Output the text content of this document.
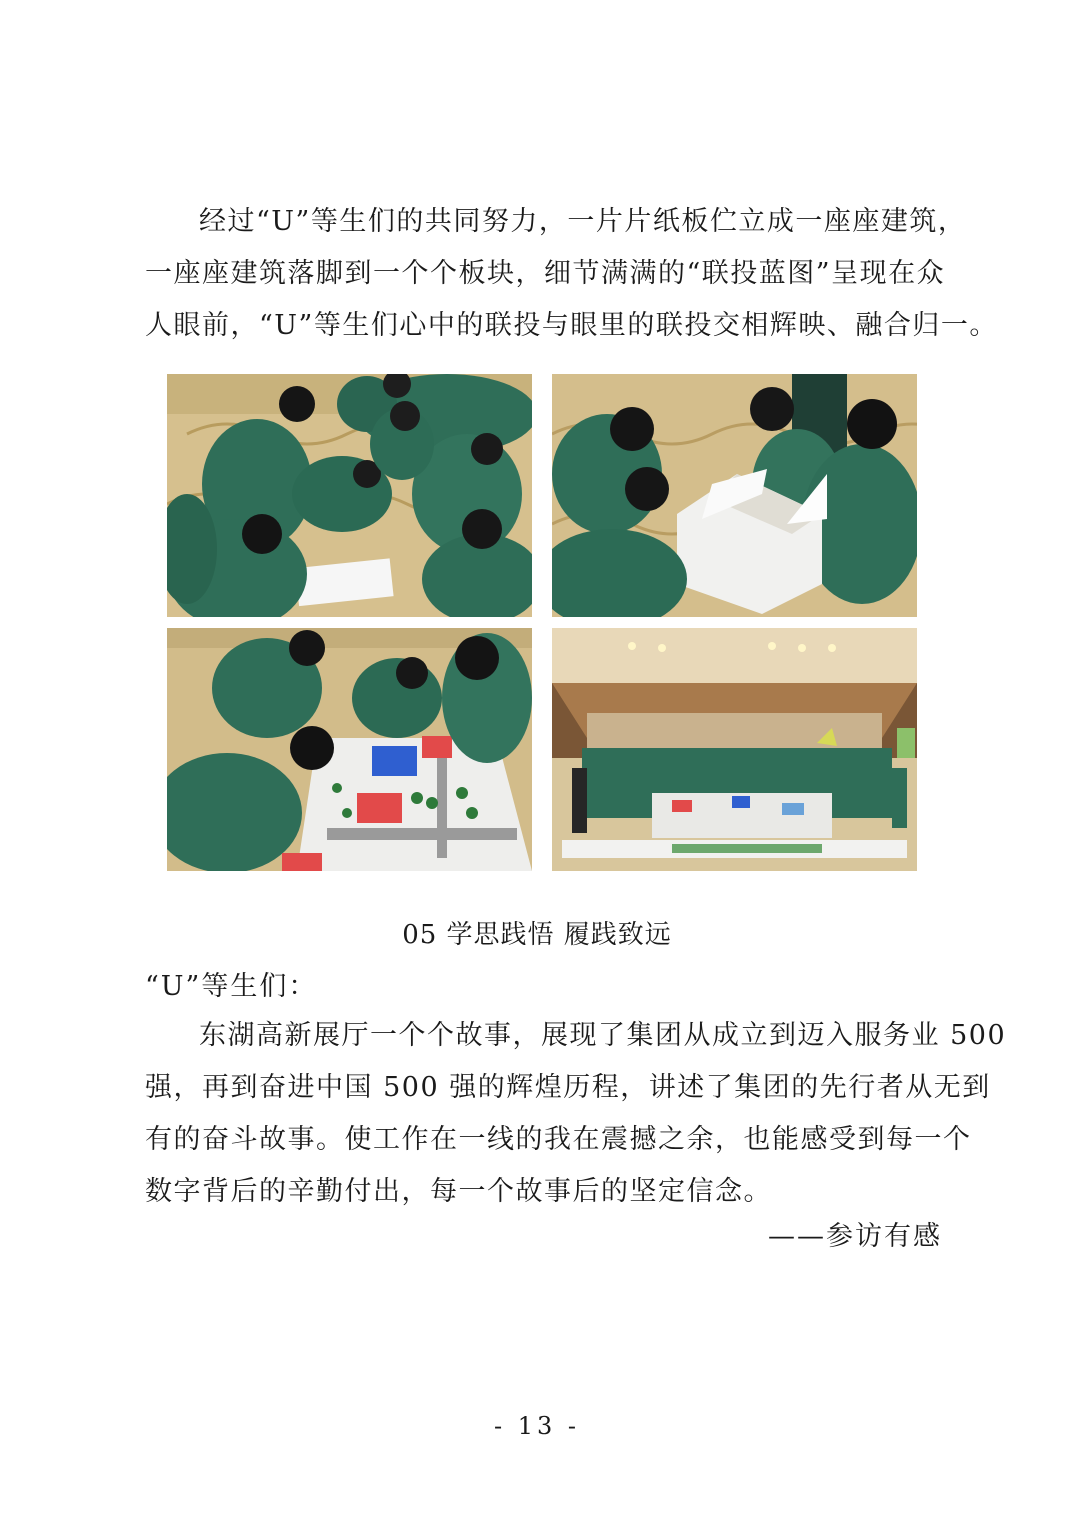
经过“U”等生们的共同努力，一片片纸板伫立成一座座建筑，
一座座建筑落脚到一个个板块，细节满满的“联投蓝图”呈现在众
人眼前，“U”等生们心中的联投与眼里的联投交相辉映、融合归一。
05 学思践悟 履践致远
“U”等生们：
东湖高新展厅一个个故事，展现了集团从成立到迈入服务业 500
强，再到奋进中国 500 强的辉煌历程，讲述了集团的先行者从无到
有的奋斗故事。使工作在一线的我在震撼之余，也能感受到每一个
数字背后的辛勤付出，每一个故事后的坚定信念。
——参访有感
- 13 -
